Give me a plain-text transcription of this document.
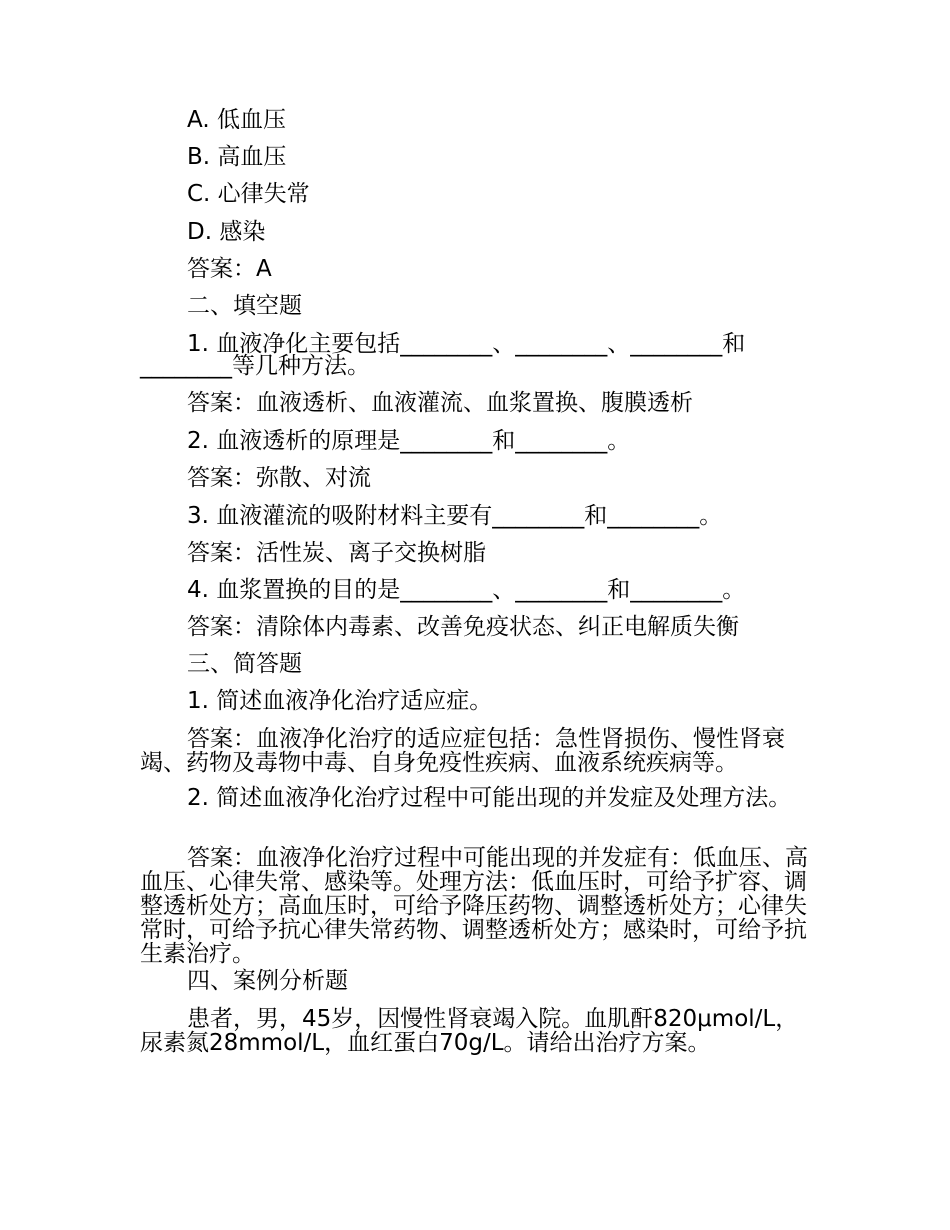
A. 低血压
B. 高血压
C. 心律失常
D. 感染
答案：A
二、填空题
1. 血液净化主要包括________、________、________和
________等几种方法。
答案：血液透析、血液灌流、血浆置换、腹膜透析
2. 血液透析的原理是________和________。
答案：弥散、对流
3. 血液灌流的吸附材料主要有________和________。
答案：活性炭、离子交换树脂
4. 血浆置换的目的是________、________和________。
答案：清除体内毒素、改善免疫状态、纠正电解质失衡
三、简答题
1. 简述血液净化治疗适应症。
答案：血液净化治疗的适应症包括：急性肾损伤、慢性肾衰竭、药物及毒物中毒、自身免疫性疾病、血液系统疾病等。
2. 简述血液净化治疗过程中可能出现的并发症及处理方法。
答案：血液净化治疗过程中可能出现的并发症有：低血压、高血压、心律失常、感染等。处理方法：低血压时，可给予扩容、调整透析处方；高血压时，可给予降压药物、调整透析处方；心律失常时，可给予抗心律失常药物、调整透析处方；感染时，可给予抗生素治疗。
四、案例分析题
患者，男，45岁，因慢性肾衰竭入院。血肌酐820μmol/L，尿素氮28mmol/L，血红蛋白70g/L。请给出治疗方案。
